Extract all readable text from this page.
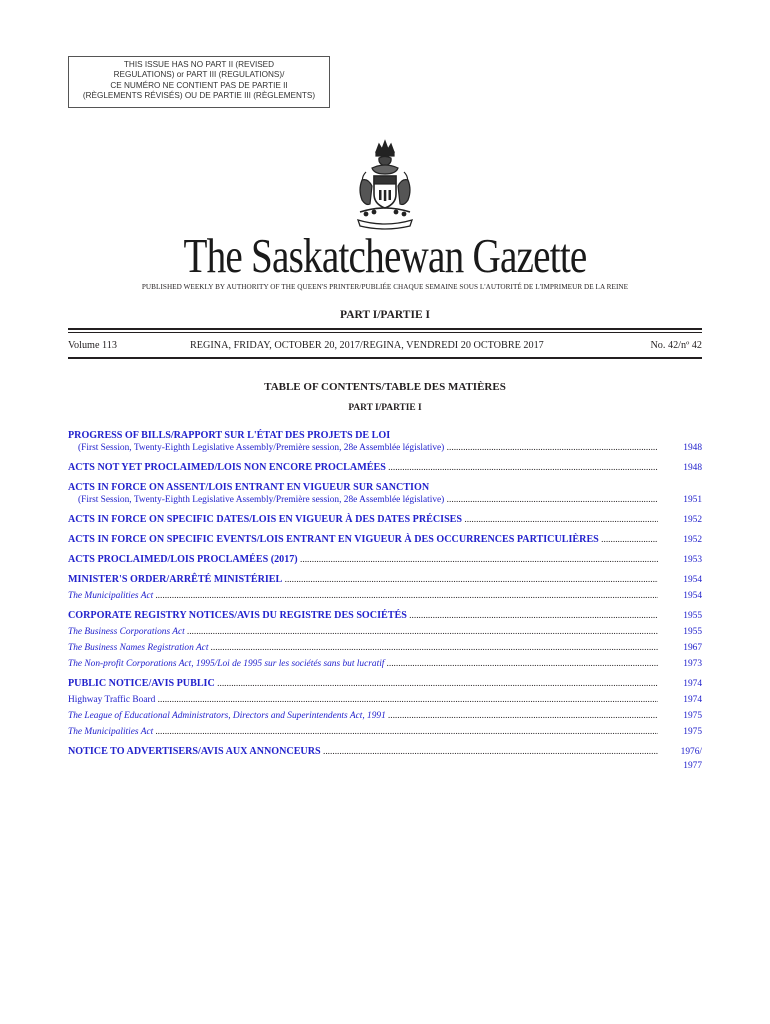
THIS ISSUE HAS NO PART II (REVISED
REGULATIONS) or PART III (REGULATIONS)/
CE NUMÉRO NE CONTIENT PAS DE PARTIE II
(RÈGLEMENTS RÉVISÉS) OU DE PARTIE III (RÈGLEMENTS)
The Saskatchewan Gazette
PUBLISHED WEEKLY BY AUTHORITY OF THE QUEEN'S PRINTER/PUBLIÉE CHAQUE SEMAINE SOUS L'AUTORITÉ DE L'IMPRIMEUR DE LA REINE
PART I/PARTIE I
Volume 113	REGINA, FRIDAY, OCTOBER 20, 2017/REGINA, VENDREDI 20 OCTOBRE 2017	No. 42/nº 42
TABLE OF CONTENTS/TABLE DES MATIÈRES
PART I/PARTIE I
PROGRESS OF BILLS/RAPPORT SUR L'ÉTAT DES PROJETS DE LOI
(First Session, Twenty-Eighth Legislative Assembly/Première session, 28e Assemblée législative) .....	1948
ACTS NOT YET PROCLAIMED/LOIS NON ENCORE PROCLAMÉES .....	1948
ACTS IN FORCE ON ASSENT/LOIS ENTRANT EN VIGUEUR SUR SANCTION
(First Session, Twenty-Eighth Legislative Assembly/Première session, 28e Assemblée législative) .....	1951
ACTS IN FORCE ON SPECIFIC DATES/LOIS EN VIGUEUR À DES DATES PRÉCISES .....	1952
ACTS IN FORCE ON SPECIFIC EVENTS/LOIS ENTRANT EN VIGUEUR À DES OCCURRENCES PARTICULIÈRES .....	1952
ACTS PROCLAIMED/LOIS PROCLAMÉES (2017) .....	1953
MINISTER'S ORDER/ARRÊTÉ MINISTÉRIEL .....	1954
The Municipalities Act .....	1954
CORPORATE REGISTRY NOTICES/AVIS DU REGISTRE DES SOCIÉTÉS .....	1955
The Business Corporations Act .....	1955
The Business Names Registration Act .....	1967
The Non-profit Corporations Act, 1995/Loi de 1995 sur les sociétés sans but lucratif .....	1973
PUBLIC NOTICE/AVIS PUBLIC .....	1974
Highway Traffic Board .....	1974
The League of Educational Administrators, Directors and Superintendents Act, 1991 .....	1975
The Municipalities Act .....	1975
NOTICE TO ADVERTISERS/AVIS AUX ANNONCEURS .....	1976/
1977
